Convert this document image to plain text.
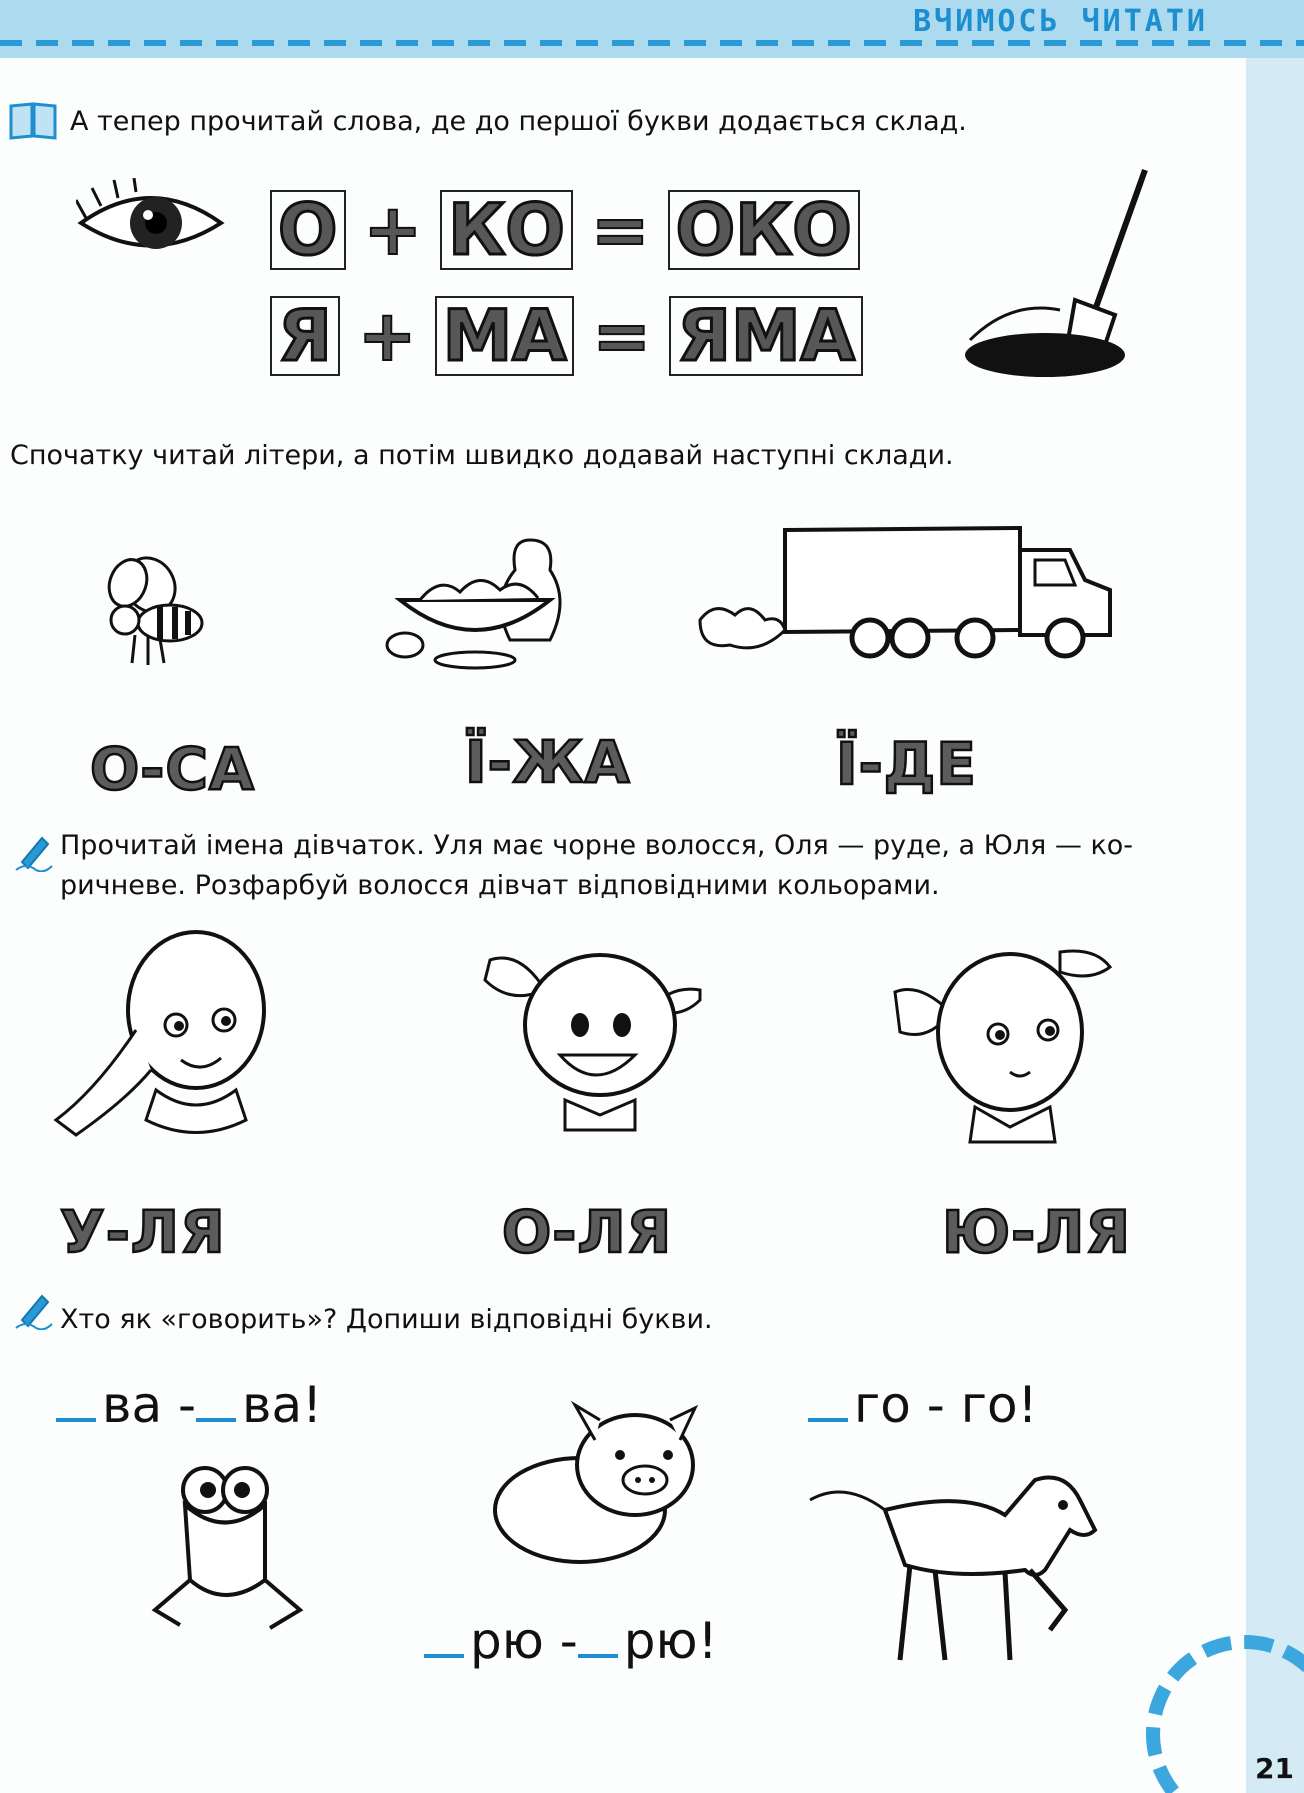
ВЧИМОСЬ ЧИТАТИ
21
А тепер прочитай слова, де до першої букви додається склад.
О + КО = ОКО
Я + МА = ЯМА
Спочатку читай літери, а потім швидко додавай наступні склади.
О-СА	Ї-ЖА	Ї-ДЕ
Прочитай імена дівчаток. Уля має чорне волосся, Оля — руде, а Юля — ко-
ричневе. Розфарбуй волосся дівчат відповідними кольорами.
У-ЛЯ	О-ЛЯ	Ю-ЛЯ
Хто як «говорить»? Допиши відповідні букви.
ва - ва!	го - го!
рю - рю!
